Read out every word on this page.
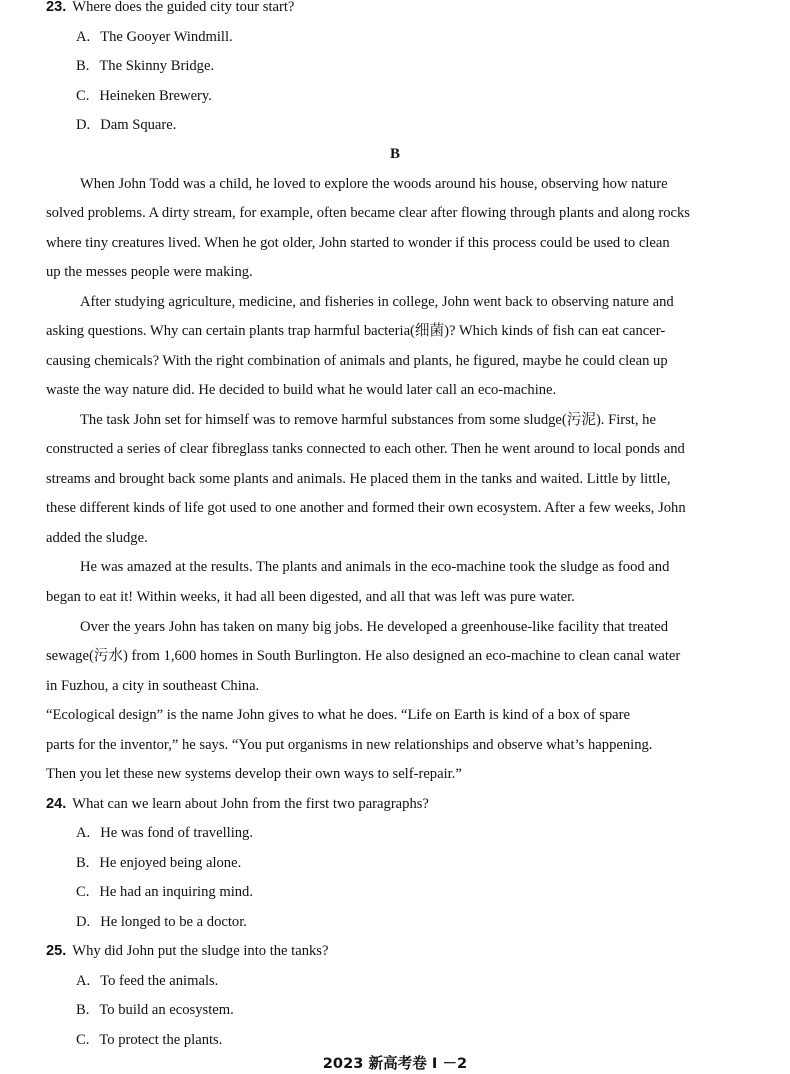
23. Where does the guided city tour start?
A. The Gooyer Windmill.
B. The Skinny Bridge.
C. Heineken Brewery.
D. Dam Square.
B
When John Todd was a child, he loved to explore the woods around his house, observing how nature
solved problems. A dirty stream, for example, often became clear after flowing through plants and along rocks
where tiny creatures lived. When he got older, John started to wonder if this process could be used to clean
up the messes people were making.
After studying agriculture, medicine, and fisheries in college, John went back to observing nature and
asking questions. Why can certain plants trap harmful bacteria(细菌)? Which kinds of fish can eat cancer-
causing chemicals? With the right combination of animals and plants, he figured, maybe he could clean up
waste the way nature did. He decided to build what he would later call an eco-machine.
The task John set for himself was to remove harmful substances from some sludge(污泥). First, he
constructed a series of clear fibreglass tanks connected to each other. Then he went around to local ponds and
streams and brought back some plants and animals. He placed them in the tanks and waited. Little by little,
these different kinds of life got used to one another and formed their own ecosystem. After a few weeks, John
added the sludge.
He was amazed at the results. The plants and animals in the eco-machine took the sludge as food and
began to eat it! Within weeks, it had all been digested, and all that was left was pure water.
Over the years John has taken on many big jobs. He developed a greenhouse-like facility that treated
sewage(污水) from 1,600 homes in South Burlington. He also designed an eco-machine to clean canal water
in Fuzhou, a city in southeast China.
“Ecological design” is the name John gives to what he does. “Life on Earth is kind of a box of spare
parts for the inventor,” he says. “You put organisms in new relationships and observe what’s happening.
Then you let these new systems develop their own ways to self-repair.”
24. What can we learn about John from the first two paragraphs?
A. He was fond of travelling.
B. He enjoyed being alone.
C. He had an inquiring mind.
D. He longed to be a doctor.
25. Why did John put the sludge into the tanks?
A. To feed the animals.
B. To build an ecosystem.
C. To protect the plants.
2023 新高考卷 I －2
